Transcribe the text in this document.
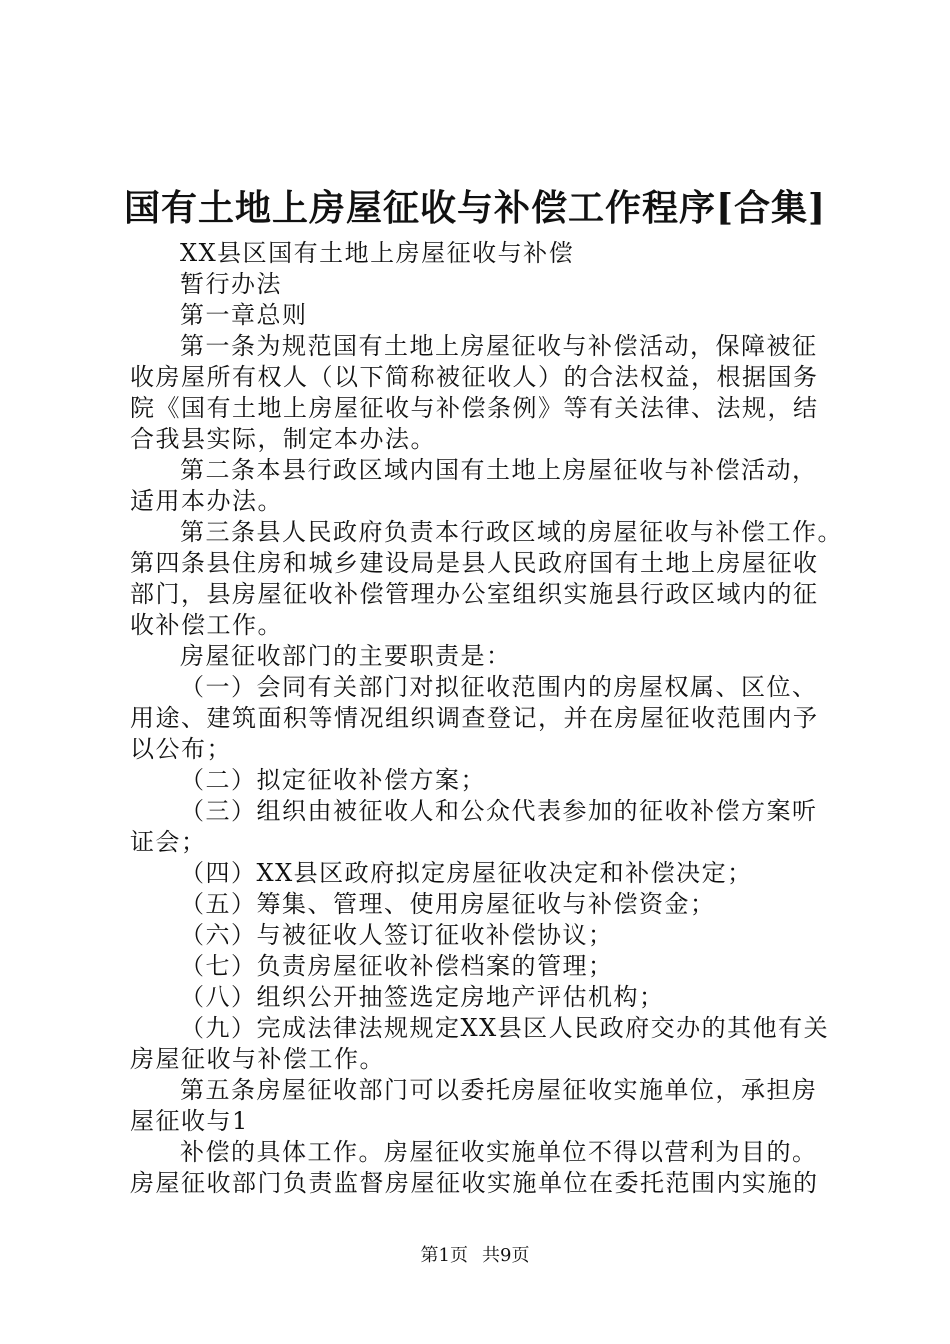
国有土地上房屋征收与补偿工作程序[合集]
XX县区国有土地上房屋征收与补偿
暂行办法
第一章总则
第一条为规范国有土地上房屋征收与补偿活动，保障被征
收房屋所有权人（以下简称被征收人）的合法权益，根据国务
院《国有土地上房屋征收与补偿条例》等有关法律、法规，结
合我县实际，制定本办法。
第二条本县行政区域内国有土地上房屋征收与补偿活动，
适用本办法。
第三条县人民政府负责本行政区域的房屋征收与补偿工作。
第四条县住房和城乡建设局是县人民政府国有土地上房屋征收
部门，县房屋征收补偿管理办公室组织实施县行政区域内的征
收补偿工作。
房屋征收部门的主要职责是：
（一）会同有关部门对拟征收范围内的房屋权属、区位、
用途、建筑面积等情况组织调查登记，并在房屋征收范围内予
以公布；
（二）拟定征收补偿方案；
（三）组织由被征收人和公众代表参加的征收补偿方案听
证会；
（四）XX县区政府拟定房屋征收决定和补偿决定；
（五）筹集、管理、使用房屋征收与补偿资金；
（六）与被征收人签订征收补偿协议；
（七）负责房屋征收补偿档案的管理；
（八）组织公开抽签选定房地产评估机构；
（九）完成法律法规规定XX县区人民政府交办的其他有关
房屋征收与补偿工作。
第五条房屋征收部门可以委托房屋征收实施单位，承担房
屋征收与1
补偿的具体工作。房屋征收实施单位不得以营利为目的。
房屋征收部门负责监督房屋征收实施单位在委托范围内实施的
第1页 共9页
